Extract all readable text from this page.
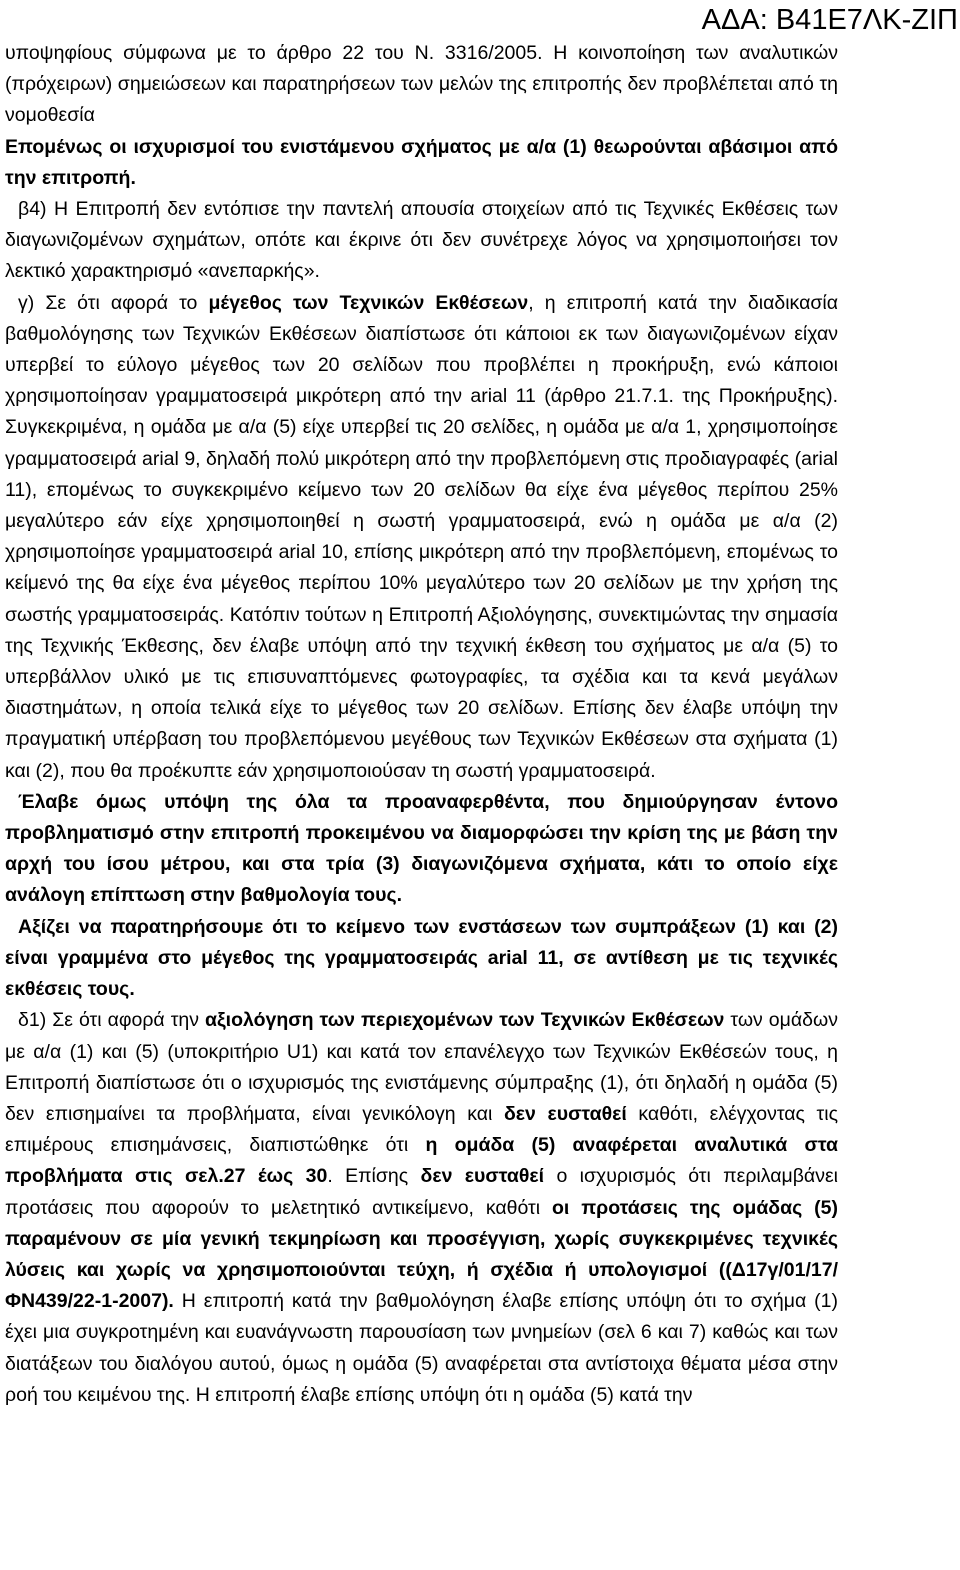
ΑΔΑ: Β41Ε7ΛΚ-ΖΙΠ

υποψηφίους σύμφωνα με το άρθρο 22 του Ν. 3316/2005. Η κοινοποίηση των αναλυτικών (πρόχειρων) σημειώσεων και παρατηρήσεων των μελών της επιτροπής δεν προβλέπεται από τη νομοθεσία
Επομένως οι ισχυρισμοί του ενιστάμενου σχήματος με α/α (1) θεωρούνται αβάσιμοι από την επιτροπή.

β4) Η Επιτροπή δεν εντόπισε την παντελή απουσία στοιχείων από τις Τεχνικές Εκθέσεις των διαγωνιζομένων σχημάτων, οπότε και έκρινε ότι δεν συνέτρεχε λόγος να χρησιμοποιήσει τον λεκτικό χαρακτηρισμό «ανεπαρκής».

γ) Σε ότι αφορά το μέγεθος των Τεχνικών Εκθέσεων, η επιτροπή κατά την διαδικασία βαθμολόγησης των Τεχνικών Εκθέσεων διαπίστωσε ότι κάποιοι εκ των διαγωνιζομένων είχαν υπερβεί το εύλογο μέγεθος των 20 σελίδων που προβλέπει η προκήρυξη, ενώ κάποιοι χρησιμοποίησαν γραμματοσειρά μικρότερη από την arial 11 (άρθρο 21.7.1. της Προκήρυξης). Συγκεκριμένα, η ομάδα με α/α (5) είχε υπερβεί τις 20 σελίδες, η ομάδα με α/α 1, χρησιμοποίησε γραμματοσειρά arial 9, δηλαδή πολύ μικρότερη από την προβλεπόμενη στις προδιαγραφές (arial 11), επομένως το συγκεκριμένο κείμενο των 20 σελίδων θα είχε ένα μέγεθος περίπου 25% μεγαλύτερο εάν είχε χρησιμοποιηθεί η σωστή γραμματοσειρά, ενώ η ομάδα με α/α (2) χρησιμοποίησε γραμματοσειρά arial 10, επίσης μικρότερη από την προβλεπόμενη, επομένως το κείμενό της θα είχε ένα μέγεθος περίπου 10% μεγαλύτερο των 20 σελίδων με την χρήση της σωστής γραμματοσειράς. Κατόπιν τούτων η Επιτροπή Αξιολόγησης, συνεκτιμώντας την σημασία της Τεχνικής Έκθεσης, δεν έλαβε υπόψη από την τεχνική έκθεση του σχήματος με α/α (5) το υπερβάλλον υλικό με τις επισυναπτόμενες φωτογραφίες, τα σχέδια και τα κενά μεγάλων διαστημάτων, η οποία τελικά είχε το μέγεθος των 20 σελίδων. Επίσης δεν έλαβε υπόψη την πραγματική υπέρβαση του προβλεπόμενου μεγέθους των Τεχνικών Εκθέσεων στα σχήματα (1) και (2), που θα προέκυπτε εάν χρησιμοποιούσαν τη σωστή γραμματοσειρά.

Έλαβε όμως υπόψη της όλα τα προαναφερθέντα, που δημιούργησαν έντονο προβληματισμό στην επιτροπή προκειμένου να διαμορφώσει την κρίση της με βάση την αρχή του ίσου μέτρου, και στα τρία (3) διαγωνιζόμενα σχήματα, κάτι το οποίο είχε ανάλογη επίπτωση στην βαθμολογία τους.

Αξίζει να παρατηρήσουμε ότι το κείμενο των ενστάσεων των συμπράξεων (1) και (2) είναι γραμμένα στο μέγεθος της γραμματοσειράς arial 11, σε αντίθεση με τις τεχνικές εκθέσεις τους.

δ1) Σε ότι αφορά την αξιολόγηση των περιεχομένων των Τεχνικών Εκθέσεων των ομάδων με α/α (1) και (5) (υποκριτήριο U1) και κατά τον επανέλεγχο των Τεχνικών Εκθέσεών τους, η Επιτροπή διαπίστωσε ότι ο ισχυρισμός της ενιστάμενης σύμπραξης (1), ότι δηλαδή η ομάδα (5) δεν επισημαίνει τα προβλήματα, είναι γενικόλογη και δεν ευσταθεί καθότι, ελέγχοντας τις επιμέρους επισημάνσεις, διαπιστώθηκε ότι η ομάδα (5) αναφέρεται αναλυτικά στα προβλήματα στις σελ.27 έως 30. Επίσης δεν ευσταθεί ο ισχυρισμός ότι περιλαμβάνει προτάσεις που αφορούν το μελετητικό αντικείμενο, καθότι οι προτάσεις της ομάδας (5) παραμένουν σε μία γενική τεκμηρίωση και προσέγγιση, χωρίς συγκεκριμένες τεχνικές λύσεις και χωρίς να χρησιμοποιούνται τεύχη, ή σχέδια ή υπολογισμοί ((Δ17γ/01/17/ΦΝ439/22-1-2007). Η επιτροπή κατά την βαθμολόγηση έλαβε επίσης υπόψη ότι το σχήμα (1) έχει μια συγκροτημένη και ευανάγνωστη παρουσίαση των μνημείων (σελ 6 και 7) καθώς και των διατάξεων του διαλόγου αυτού, όμως η ομάδα (5) αναφέρεται στα αντίστοιχα θέματα μέσα στην ροή του κειμένου της. Η επιτροπή έλαβε επίσης υπόψη ότι η ομάδα (5) κατά την
